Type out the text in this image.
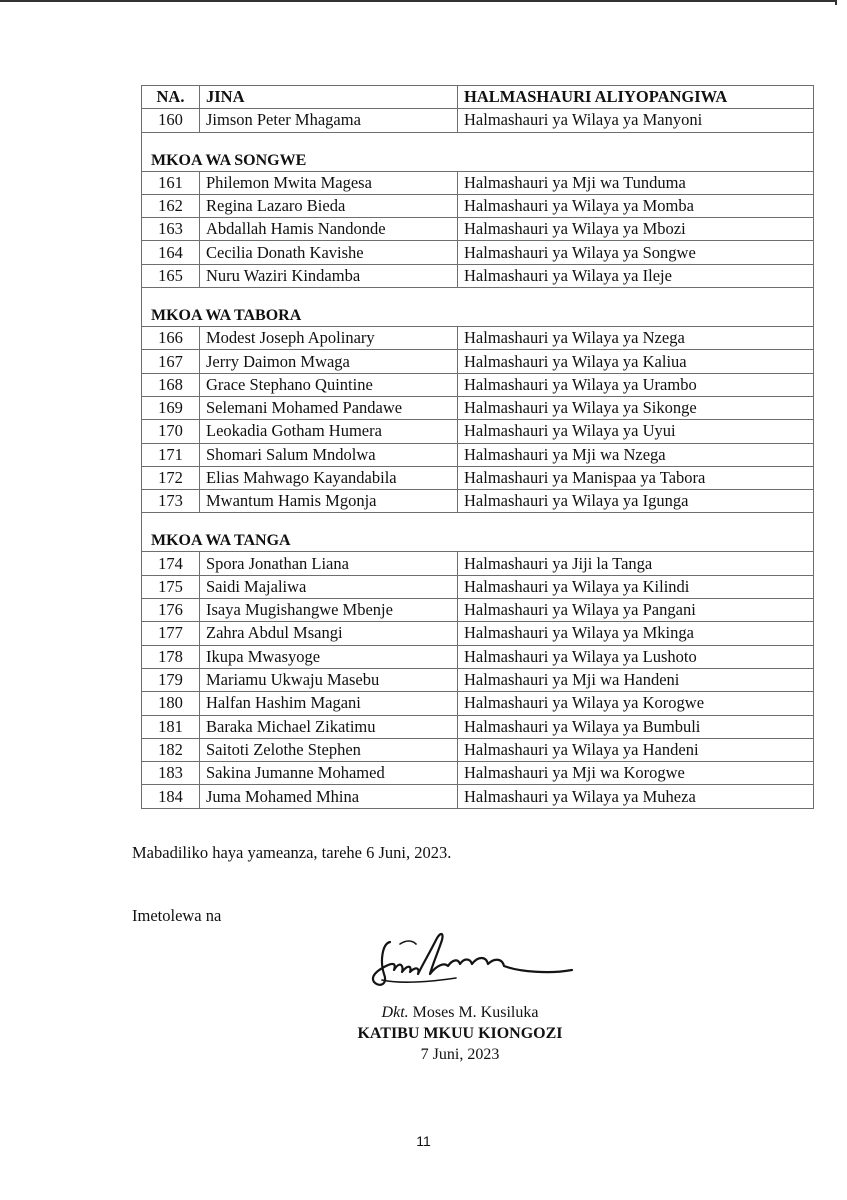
NA.	JINA	HALMASHAURI ALIYOPANGIWA
160	Jimson Peter Mhagama	Halmashauri ya Wilaya ya Manyoni
MKOA WA SONGWE		
161	Philemon Mwita Magesa	Halmashauri ya Mji wa Tunduma
162	Regina Lazaro Bieda	Halmashauri ya Wilaya ya Momba
163	Abdallah Hamis Nandonde	Halmashauri ya Wilaya ya Mbozi
164	Cecilia Donath Kavishe	Halmashauri ya Wilaya ya Songwe
165	Nuru Waziri Kindamba	Halmashauri ya Wilaya ya Ileje
MKOA WA TABORA		
166	Modest Joseph Apolinary	Halmashauri ya Wilaya ya Nzega
167	Jerry Daimon Mwaga	Halmashauri ya Wilaya ya Kaliua
168	Grace Stephano Quintine	Halmashauri ya Wilaya ya Urambo
169	Selemani Mohamed Pandawe	Halmashauri ya Wilaya ya Sikonge
170	Leokadia Gotham Humera	Halmashauri ya Wilaya ya Uyui
171	Shomari Salum Mndolwa	Halmashauri ya Mji wa Nzega
172	Elias Mahwago Kayandabila	Halmashauri ya Manispaa ya Tabora
173	Mwantum Hamis Mgonja	Halmashauri ya Wilaya ya Igunga
MKOA WA TANGA		
174	Spora Jonathan Liana	Halmashauri ya Jiji la Tanga
175	Saidi Majaliwa	Halmashauri ya Wilaya ya Kilindi
176	Isaya Mugishangwe Mbenje	Halmashauri ya Wilaya ya Pangani
177	Zahra Abdul Msangi	Halmashauri ya Wilaya ya Mkinga
178	Ikupa Mwasyoge	Halmashauri ya Wilaya ya Lushoto
179	Mariamu Ukwaju Masebu	Halmashauri ya Mji wa Handeni
180	Halfan Hashim Magani	Halmashauri ya Wilaya ya Korogwe
181	Baraka Michael Zikatimu	Halmashauri ya Wilaya ya Bumbuli
182	Saitoti Zelothe Stephen	Halmashauri ya Wilaya ya Handeni
183	Sakina Jumanne Mohamed	Halmashauri ya Mji wa Korogwe
184	Juma Mohamed Mhina	Halmashauri ya Wilaya ya Muheza
Mabadiliko haya yameanza, tarehe 6 Juni, 2023.
Imetolewa na
Dkt. Moses M. Kusiluka
KATIBU MKUU KIONGOZI
7 Juni, 2023
11
